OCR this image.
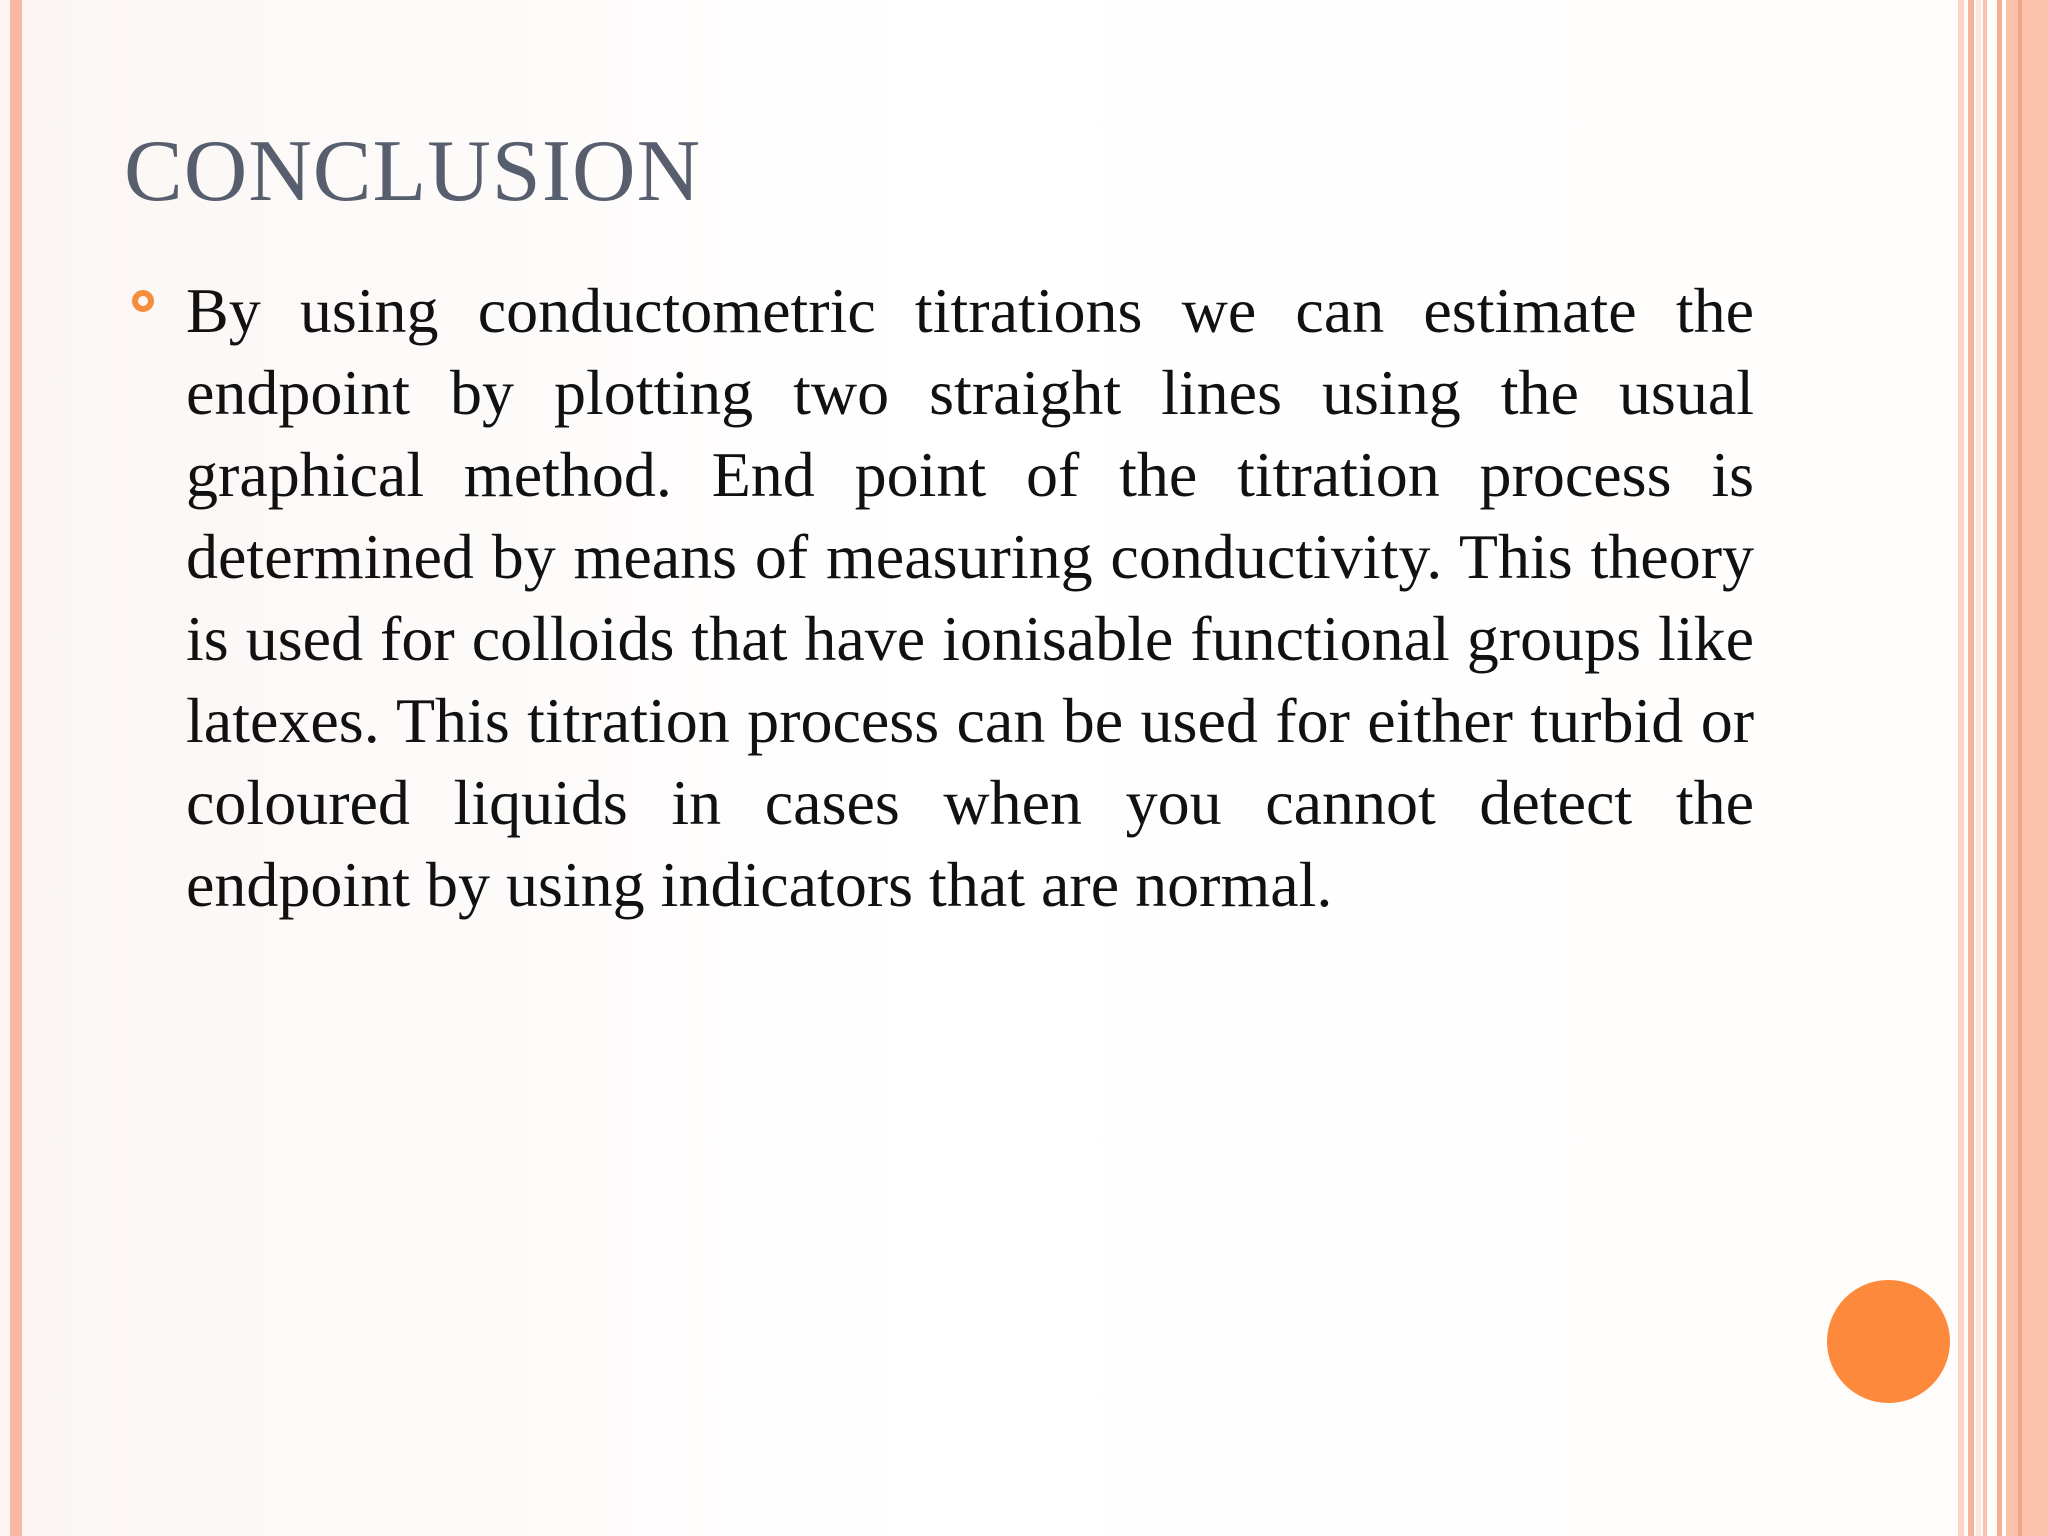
CONCLUSION
By using conductometric titrations we can estimate the endpoint by plotting two straight lines using the usual graphical method. End point of the titration process is determined by means of measuring conductivity. This theory is used for colloids that have ionisable functional groups like latexes. This titration process can be used for either turbid or coloured liquids in cases when you cannot detect the endpoint by using indicators that are normal.
